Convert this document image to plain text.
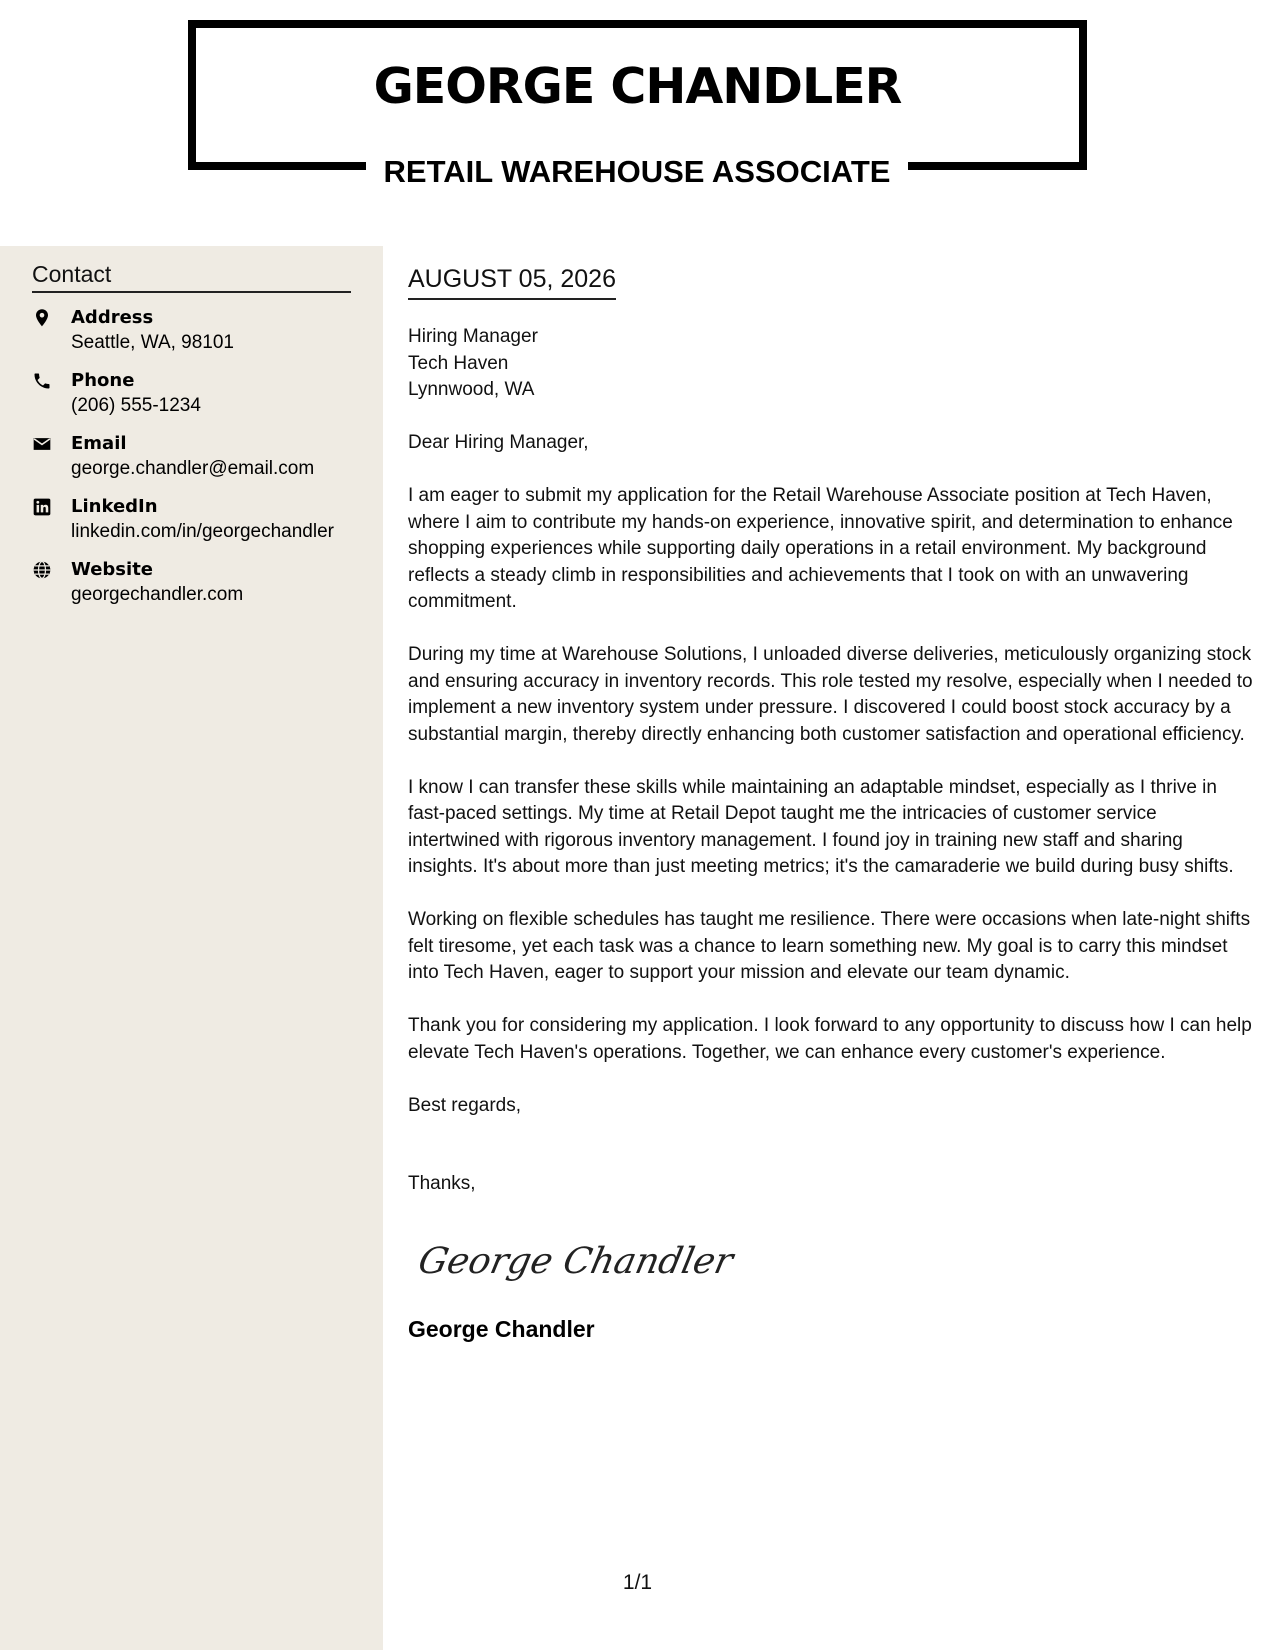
GEORGE CHANDLER
RETAIL WAREHOUSE ASSOCIATE
Contact
Address
Seattle, WA, 98101
Phone
(206) 555-1234
Email
george.chandler@email.com
LinkedIn
linkedin.com/in/georgechandler
Website
georgechandler.com
AUGUST 05, 2026
Hiring Manager
Tech Haven
Lynnwood, WA

Dear Hiring Manager,

I am eager to submit my application for the Retail Warehouse Associate position at Tech Haven, where I aim to contribute my hands-on experience, innovative spirit, and determination to enhance shopping experiences while supporting daily operations in a retail environment. My background reflects a steady climb in responsibilities and achievements that I took on with an unwavering commitment.

During my time at Warehouse Solutions, I unloaded diverse deliveries, meticulously organizing stock and ensuring accuracy in inventory records. This role tested my resolve, especially when I needed to implement a new inventory system under pressure. I discovered I could boost stock accuracy by a substantial margin, thereby directly enhancing both customer satisfaction and operational efficiency.

I know I can transfer these skills while maintaining an adaptable mindset, especially as I thrive in fast-paced settings. My time at Retail Depot taught me the intricacies of customer service intertwined with rigorous inventory management. I found joy in training new staff and sharing insights. It's about more than just meeting metrics; it's the camaraderie we build during busy shifts.

Working on flexible schedules has taught me resilience. There were occasions when late-night shifts felt tiresome, yet each task was a chance to learn something new. My goal is to carry this mindset into Tech Haven, eager to support your mission and elevate our team dynamic.

Thank you for considering my application. I look forward to any opportunity to discuss how I can help elevate Tech Haven's operations. Together, we can enhance every customer's experience.

Best regards,

Thanks,

George Chandler
George Chandler
1/1
